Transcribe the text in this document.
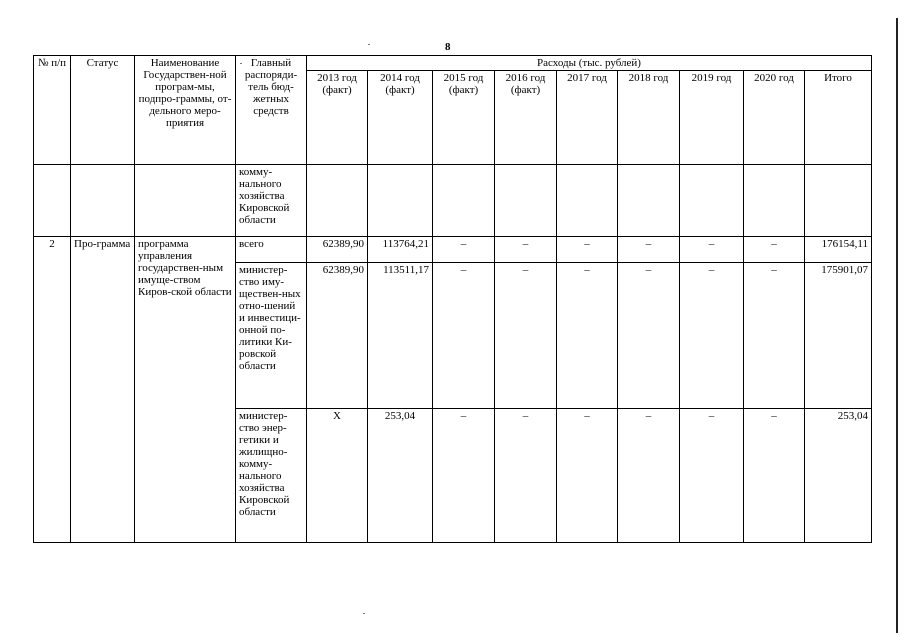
8
№ п/п	Статус	Наименование Государствен-ной програм-мы, подпро-граммы, от-дельного меро-приятия	Главный распоряди-тель бюд-жетных средств	Расходы (тыс. рублей)								
				2013 год (факт)	2014 год (факт)	2015 год (факт)	2016 год (факт)	2017 год	2018 год	2019 год	2020 год	Итого
			комму-нального хозяйства Кировской области									
2	Про-грамма	программа управления государствен-ным имуще-ством Киров-ской области	всего	62389,90	113764,21	–	–	–	–	–	–	176154,11
			министер-ство иму-ществен-ных отно-шений и инвестици-онной по-литики Ки-ровской области	62389,90	113511,17	–	–	–	–	–	–	175901,07
			министер-ство энер-гетики и жилищно-комму-нального хозяйства Кировской области	Х	253,04	–	–	–	–	–	–	253,04
